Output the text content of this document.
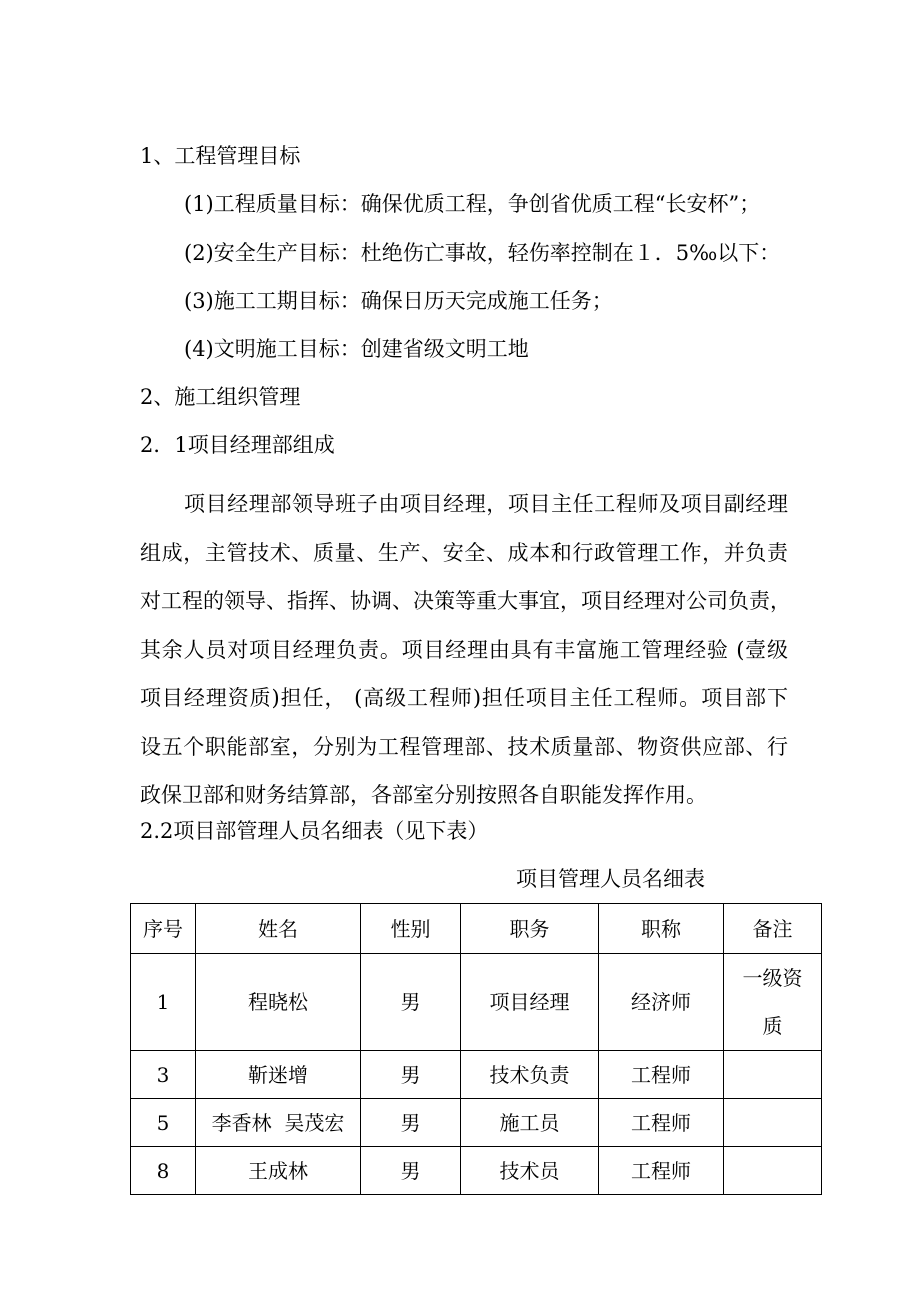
1、工程管理目标
(1)工程质量目标：确保优质工程，争创省优质工程“长安杯”；
(2)安全生产目标：杜绝伤亡事故，轻伤率控制在１．5‰以下：
(3)施工工期目标：确保日历天完成施工任务；
(4)文明施工目标：创建省级文明工地
2、施工组织管理
2．1项目经理部组成
项目经理部领导班子由项目经理，项目主任工程师及项目副经理
组成，主管技术、质量、生产、安全、成本和行政管理工作，并负责
对工程的领导、指挥、协调、决策等重大事宜，项目经理对公司负责，
其余人员对项目经理负责。项目经理由具有丰富施工管理经验 (壹级
项目经理资质)担任， (高级工程师)担任项目主任工程师。项目部下
设五个职能部室，分别为工程管理部、技术质量部、物资供应部、行
政保卫部和财务结算部，各部室分别按照各自职能发挥作用。
2.2项目部管理人员名细表（见下表）
项目管理人员名细表
序号	姓名	性别	职务	职称	备注
1	程晓松	男	项目经理	经济师	一级资质
3	靳迷增	男	技术负责	工程师	
5	李香林  吴茂宏	男	施工员	工程师	
8	王成林	男	技术员	工程师	
